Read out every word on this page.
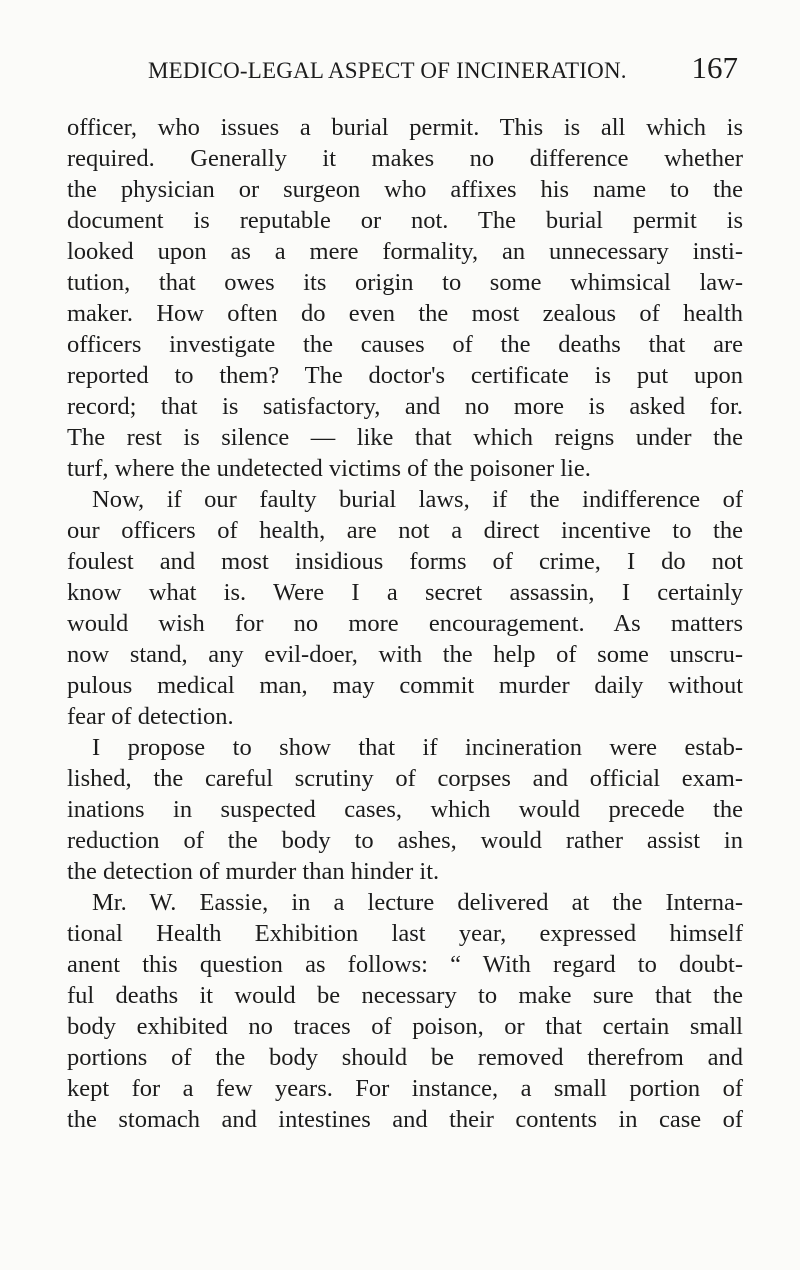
MEDICO-LEGAL ASPECT OF INCINERATION. 167
officer, who issues a burial permit. This is all which is
required. Generally it makes no difference whether
the physician or surgeon who affixes his name to the
document is reputable or not. The burial permit is
looked upon as a mere formality, an unnecessary insti-
tution, that owes its origin to some whimsical law-
maker. How often do even the most zealous of health
officers investigate the causes of the deaths that are
reported to them? The doctor's certificate is put upon
record; that is satisfactory, and no more is asked for.
The rest is silence — like that which reigns under the
turf, where the undetected victims of the poisoner lie.
Now, if our faulty burial laws, if the indifference of
our officers of health, are not a direct incentive to the
foulest and most insidious forms of crime, I do not
know what is. Were I a secret assassin, I certainly
would wish for no more encouragement. As matters
now stand, any evil-doer, with the help of some unscru-
pulous medical man, may commit murder daily without
fear of detection.
I propose to show that if incineration were estab-
lished, the careful scrutiny of corpses and official exam-
inations in suspected cases, which would precede the
reduction of the body to ashes, would rather assist in
the detection of murder than hinder it.
Mr. W. Eassie, in a lecture delivered at the Interna-
tional Health Exhibition last year, expressed himself
anent this question as follows: “ With regard to doubt-
ful deaths it would be necessary to make sure that the
body exhibited no traces of poison, or that certain small
portions of the body should be removed therefrom and
kept for a few years. For instance, a small portion of
the stomach and intestines and their contents in case of
